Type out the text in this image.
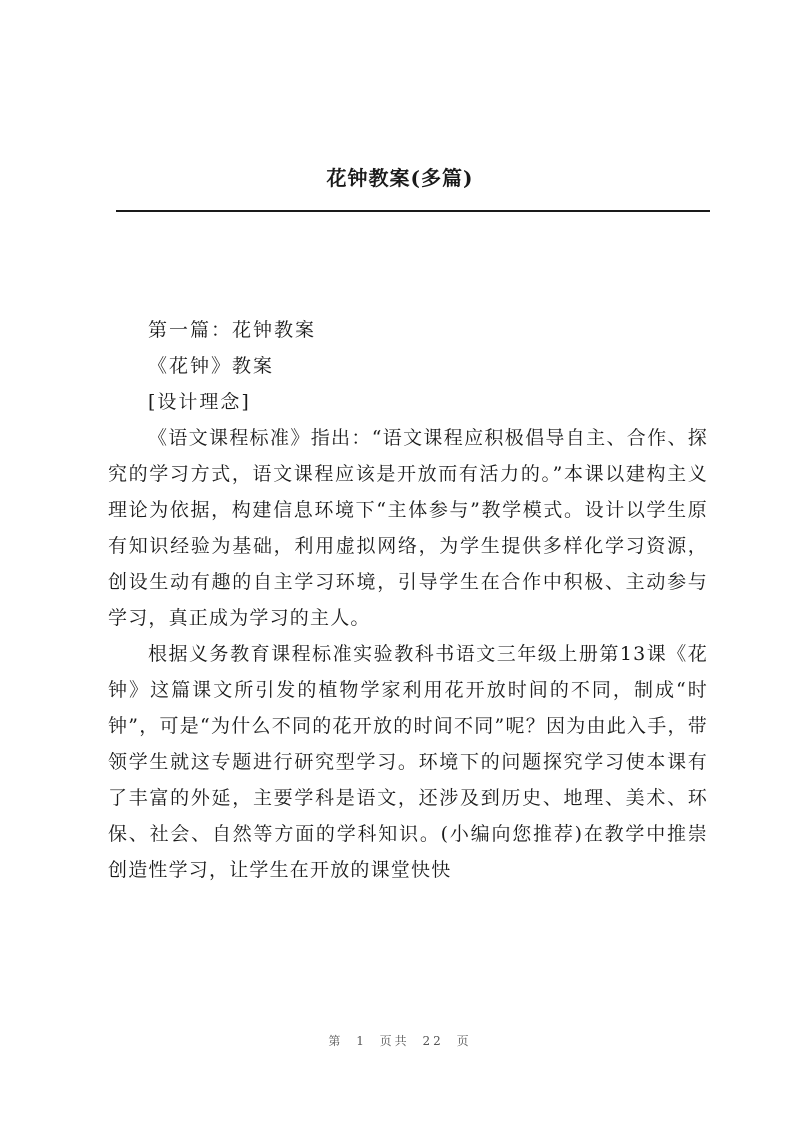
花钟教案(多篇)

第一篇：花钟教案

《花钟》教案

[设计理念]

《语文课程标准》指出：“语文课程应积极倡导自主、合作、探究的学习方式，语文课程应该是开放而有活力的。”本课以建构主义理论为依据，构建信息环境下“主体参与”教学模式。设计以学生原有知识经验为基础，利用虚拟网络，为学生提供多样化学习资源，创设生动有趣的自主学习环境，引导学生在合作中积极、主动参与学习，真正成为学习的主人。

根据义务教育课程标准实验教科书语文三年级上册第13课《花钟》这篇课文所引发的植物学家利用花开放时间的不同，制成“时钟”，可是“为什么不同的花开放的时间不同”呢？因为由此入手，带领学生就这专题进行研究型学习。环境下的问题探究学习使本课有了丰富的外延，主要学科是语文，还涉及到历史、地理、美术、环保、社会、自然等方面的学科知识。(小编向您推荐)在教学中推崇创造性学习，让学生在开放的课堂快快

第 1 页共 22 页
